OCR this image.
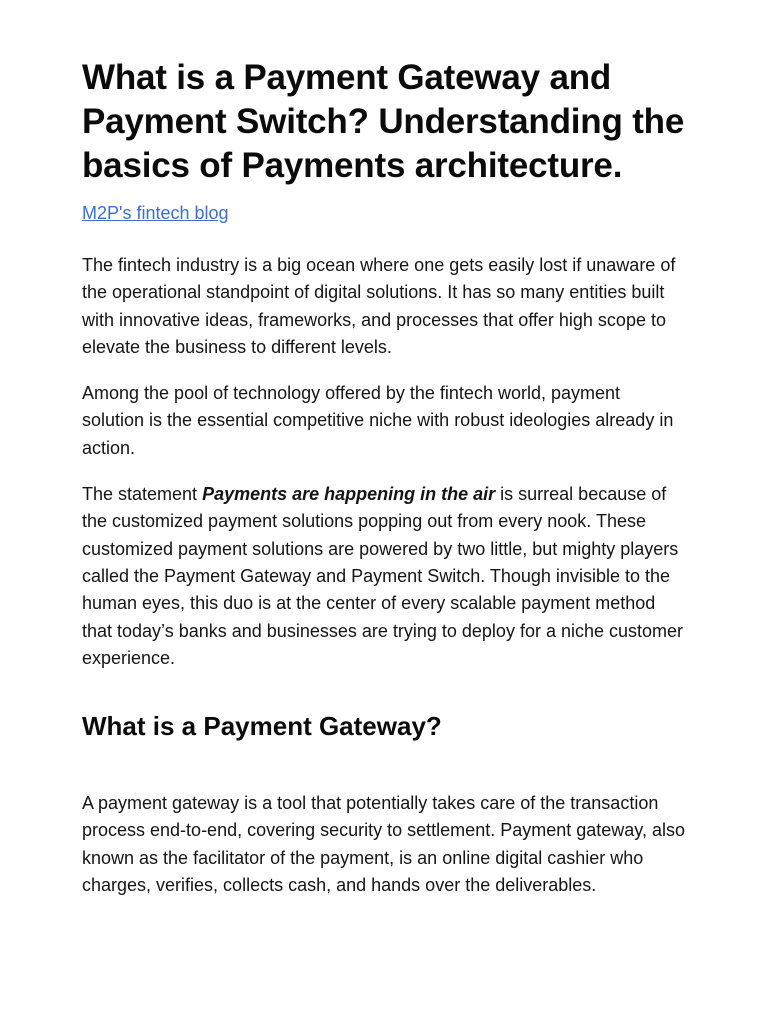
What is a Payment Gateway and Payment Switch? Understanding the basics of Payments architecture.
M2P's fintech blog

The fintech industry is a big ocean where one gets easily lost if unaware of the operational standpoint of digital solutions. It has so many entities built with innovative ideas, frameworks, and processes that offer high scope to elevate the business to different levels.

Among the pool of technology offered by the fintech world, payment solution is the essential competitive niche with robust ideologies already in action.

The statement Payments are happening in the air is surreal because of the customized payment solutions popping out from every nook. These customized payment solutions are powered by two little, but mighty players called the Payment Gateway and Payment Switch. Though invisible to the human eyes, this duo is at the center of every scalable payment method that today’s banks and businesses are trying to deploy for a niche customer experience.

What is a Payment Gateway?

A payment gateway is a tool that potentially takes care of the transaction process end-to-end, covering security to settlement. Payment gateway, also known as the facilitator of the payment, is an online digital cashier who charges, verifies, collects cash, and hands over the deliverables.
